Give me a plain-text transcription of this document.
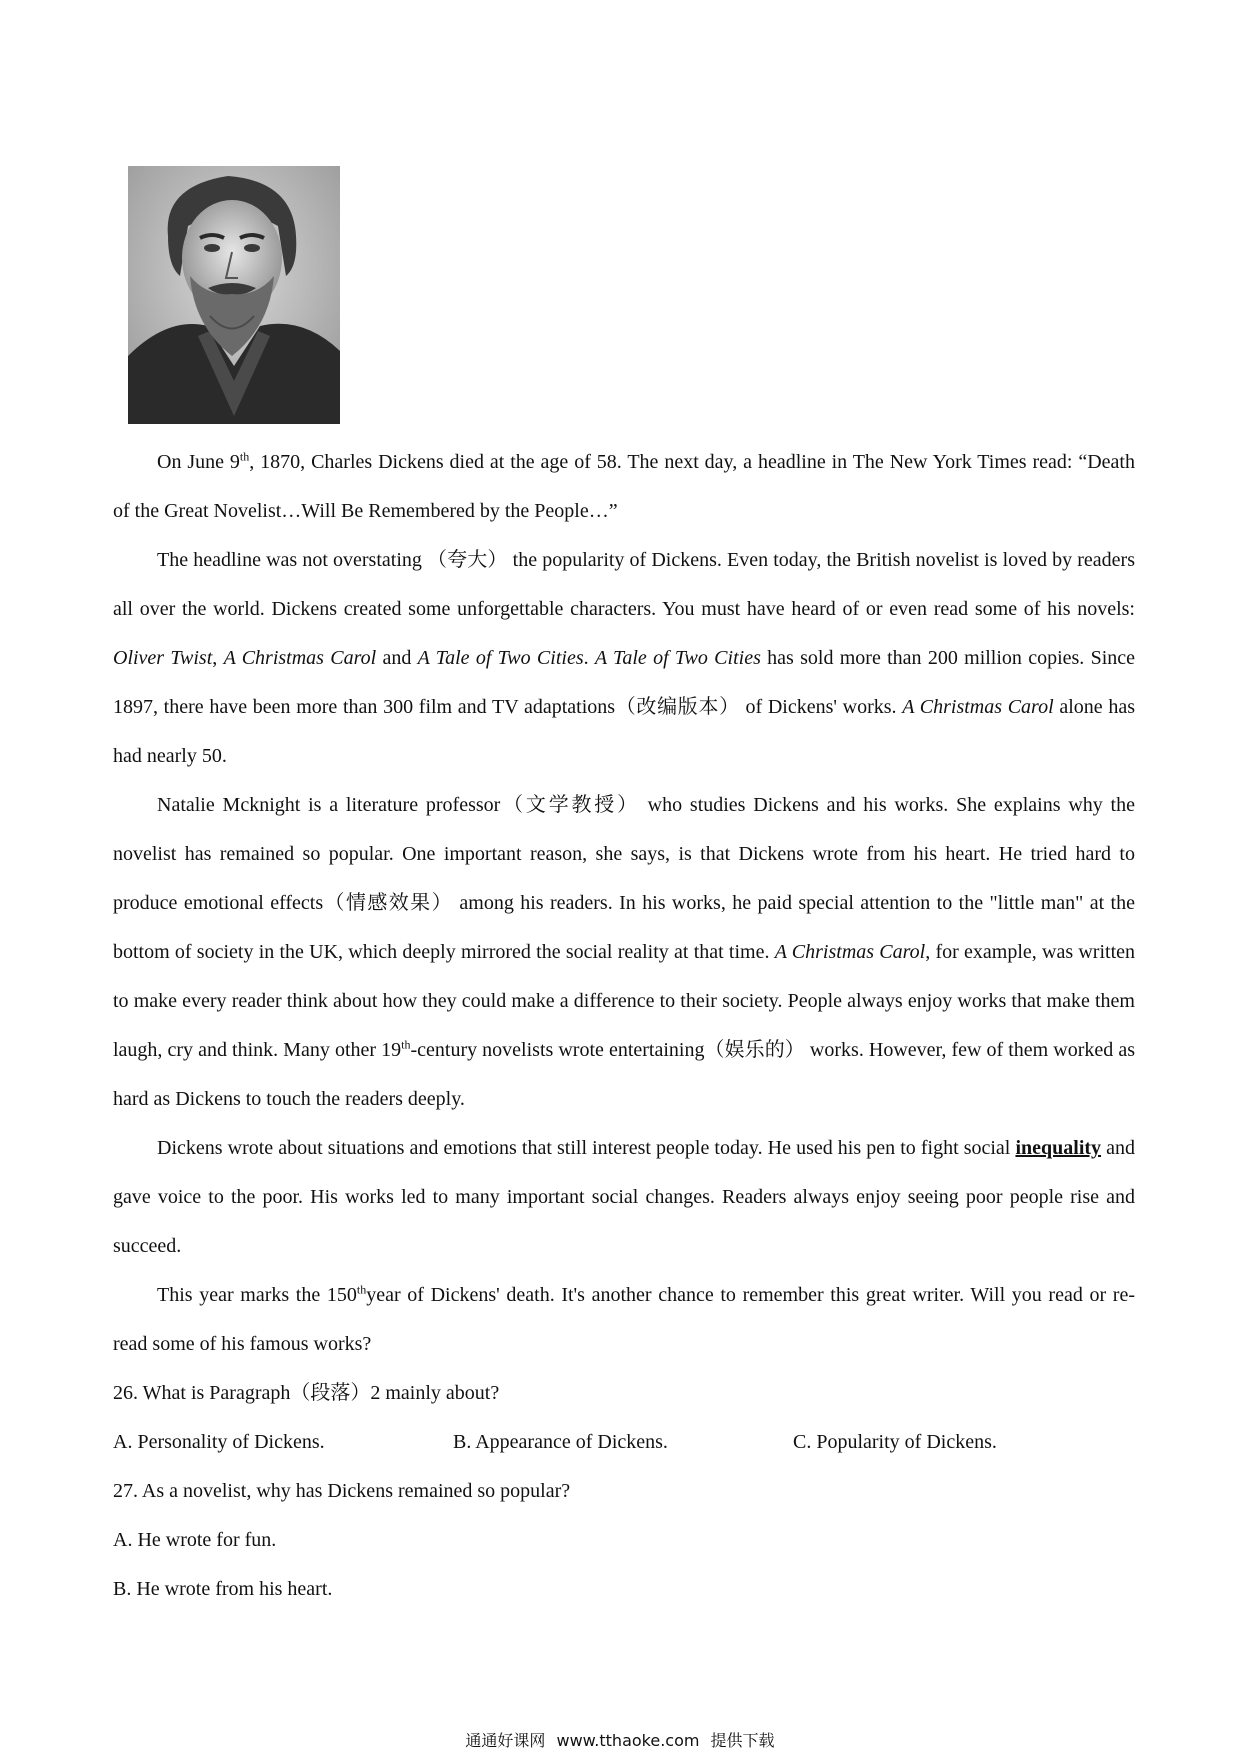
On June 9th, 1870, Charles Dickens died at the age of 58. The next day, a headline in The New York Times read: “Death of the Great Novelist…Will Be Remembered by the People…”

The headline was not overstating （夸大） the popularity of Dickens. Even today, the British novelist is loved by readers all over the world. Dickens created some unforgettable characters. You must have heard of or even read some of his novels: Oliver Twist, A Christmas Carol and A Tale of Two Cities. A Tale of Two Cities has sold more than 200 million copies. Since 1897, there have been more than 300 film and TV adaptations（改编版本） of Dickens' works. A Christmas Carol alone has had nearly 50.

Natalie Mcknight is a literature professor（文学教授） who studies Dickens and his works. She explains why the novelist has remained so popular. One important reason, she says, is that Dickens wrote from his heart. He tried hard to produce emotional effects（情感效果） among his readers. In his works, he paid special attention to the "little man" at the bottom of society in the UK, which deeply mirrored the social reality at that time. A Christmas Carol, for example, was written to make every reader think about how they could make a difference to their society. People always enjoy works that make them laugh, cry and think. Many other 19th-century novelists wrote entertaining（娱乐的） works. However, few of them worked as hard as Dickens to touch the readers deeply.

Dickens wrote about situations and emotions that still interest people today. He used his pen to fight social inequality and gave voice to the poor. His works led to many important social changes. Readers always enjoy seeing poor people rise and succeed.

This year marks the 150thyear of Dickens' death. It's another chance to remember this great writer. Will you read or re-read some of his famous works?

26. What is Paragraph（段落）2 mainly about?

A. Personality of Dickens.	B. Appearance of Dickens.	C. Popularity of Dickens.

27. As a novelist, why has Dickens remained so popular?

A. He wrote for fun.

B. He wrote from his heart.

通通好课网 www.tthaoke.com 提供下载
